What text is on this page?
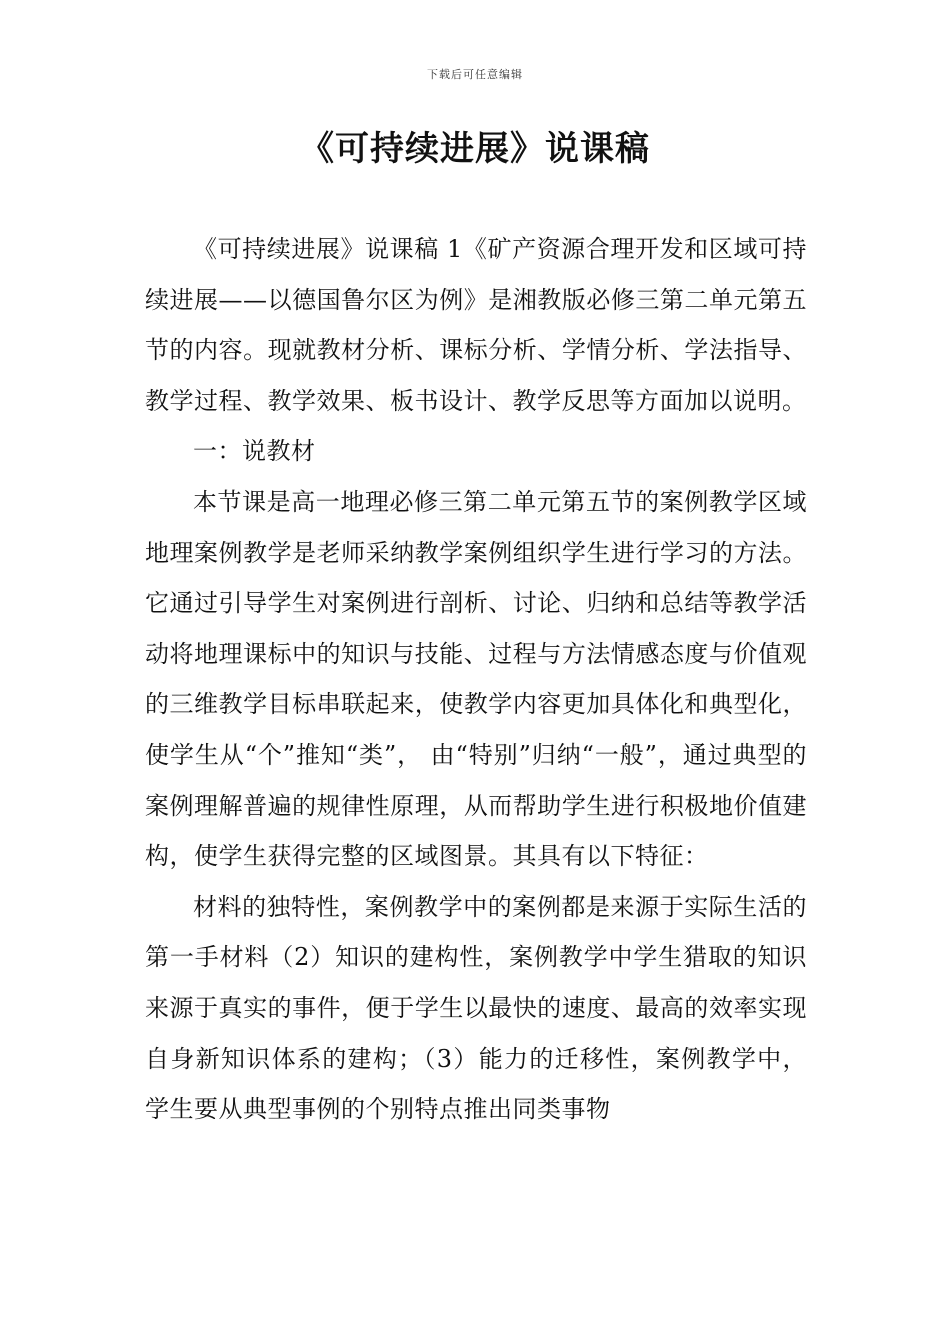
下载后可任意编辑
《可持续进展》说课稿

《可持续进展》说课稿 1《矿产资源合理开发和区域可持续进展——以德国鲁尔区为例》是湘教版必修三第二单元第五节的内容。现就教材分析、课标分析、学情分析、学法指导、教学过程、教学效果、板书设计、教学反思等方面加以说明。

一：说教材

本节课是高一地理必修三第二单元第五节的案例教学区域地理案例教学是老师采纳教学案例组织学生进行学习的方法。它通过引导学生对案例进行剖析、讨论、归纳和总结等教学活动将地理课标中的知识与技能、过程与方法情感态度与价值观的三维教学目标串联起来，使教学内容更加具体化和典型化，使学生从“个”推知“类”， 由“特别”归纳“一般”，通过典型的案例理解普遍的规律性原理，从而帮助学生进行积极地价值建构，使学生获得完整的区域图景。其具有以下特征：

材料的独特性，案例教学中的案例都是来源于实际生活的第一手材料（2）知识的建构性，案例教学中学生猎取的知识来源于真实的事件，便于学生以最快的速度、最高的效率实现自身新知识体系的建构；（3）能力的迁移性，案例教学中，学生要从典型事例的个别特点推出同类事物
